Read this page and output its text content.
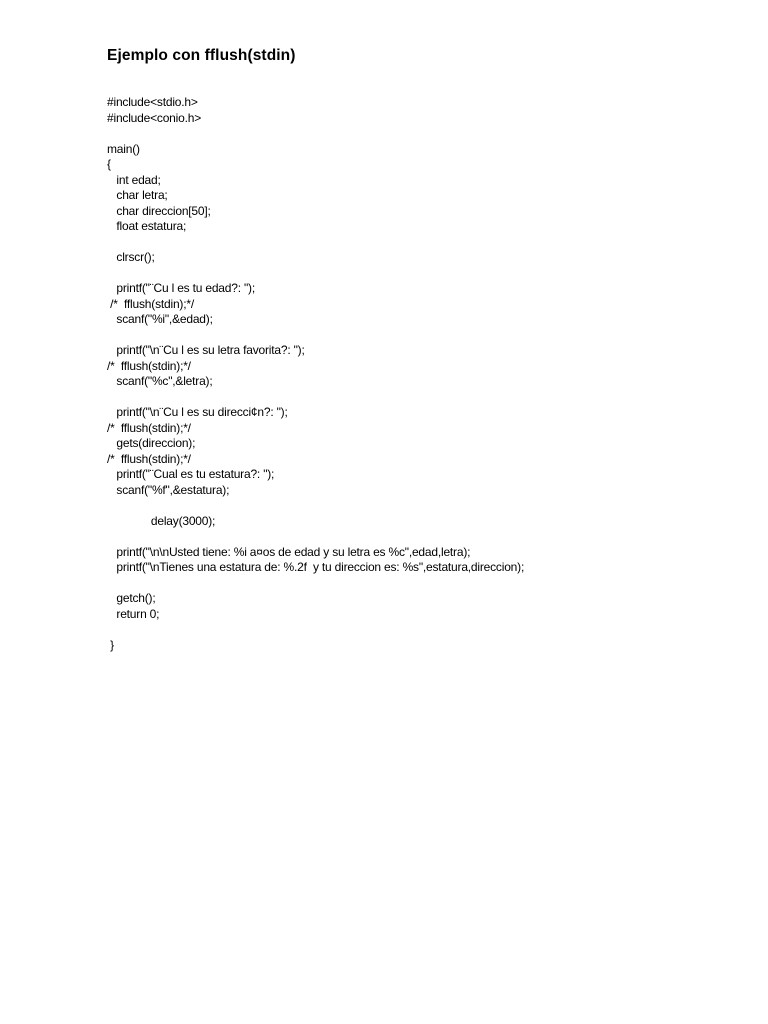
Ejemplo con fflush(stdin)
#include<stdio.h>
#include<conio.h>
main()
{
int edad;
char letra;
char direccion[50];
float estatura;
clrscr();
printf("¨Cu l es tu edad?: ");
/*  fflush(stdin);*/
scanf("%i",&edad);
printf("\n¨Cu l es su letra favorita?: ");
/*  fflush(stdin);*/
scanf("%c",&letra);
printf("\n¨Cu l es su direcci¢n?: ");
/*  fflush(stdin);*/
gets(direccion);
/*  fflush(stdin);*/
printf("¨Cual es tu estatura?: ");
scanf("%f",&estatura);
delay(3000);
printf("\n\nUsted tiene: %i a¤os de edad y su letra es %c",edad,letra);
printf("\nTienes una estatura de: %.2f  y tu direccion es: %s",estatura,direccion);
getch();
return 0;
}
